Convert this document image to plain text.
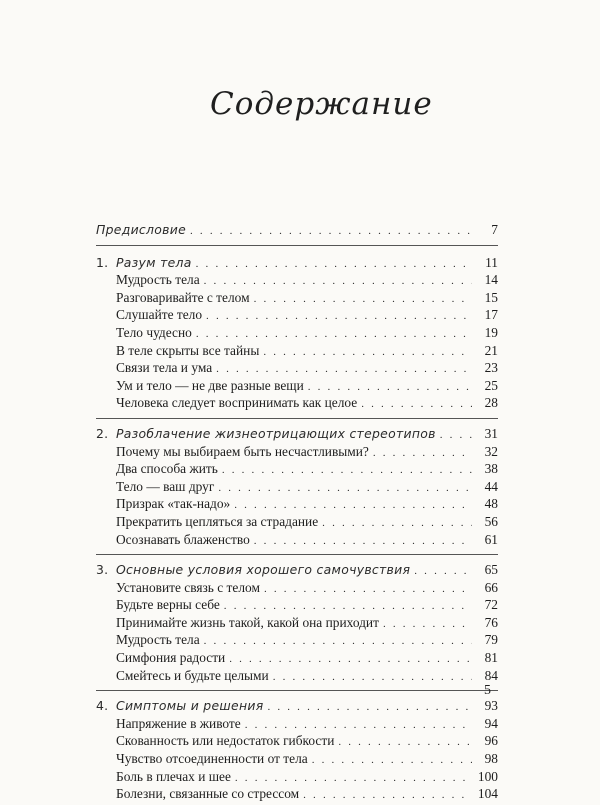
Содержание
Предисловие . . .	7
1. Разум тела . . .	11
Мудрость тела . . .	14
Разговаривайте с телом . . .	15
Слушайте тело . . .	17
Тело чудесно . . .	19
В теле скрыты все тайны . . .	21
Связи тела и ума . . .	23
Ум и тело — не две разные вещи . . .	25
Человека следует воспринимать как целое . . .	28
2. Разоблачение жизнеотрицающих стереотипов . . .	31
Почему мы выбираем быть несчастливыми? . . .	32
Два способа жить . . .	38
Тело — ваш друг . . .	44
Призрак «так-надо» . . .	48
Прекратить цепляться за страдание . . .	56
Осознавать блаженство . . .	61
3. Основные условия хорошего самочувствия . . .	65
Установите связь с телом . . .	66
Будьте верны себе . . .	72
Принимайте жизнь такой, какой она приходит . . .	76
Мудрость тела . . .	79
Симфония радости . . .	81
Смейтесь и будьте целыми . . .	84
4. Симптомы и решения . . .	93
Напряжение в животе . . .	94
Скованность или недостаток гибкости . . .	96
Чувство отсоединенности от тела . . .	98
Боль в плечах и шее . . .	100
Болезни, связанные со стрессом . . .	104
5
